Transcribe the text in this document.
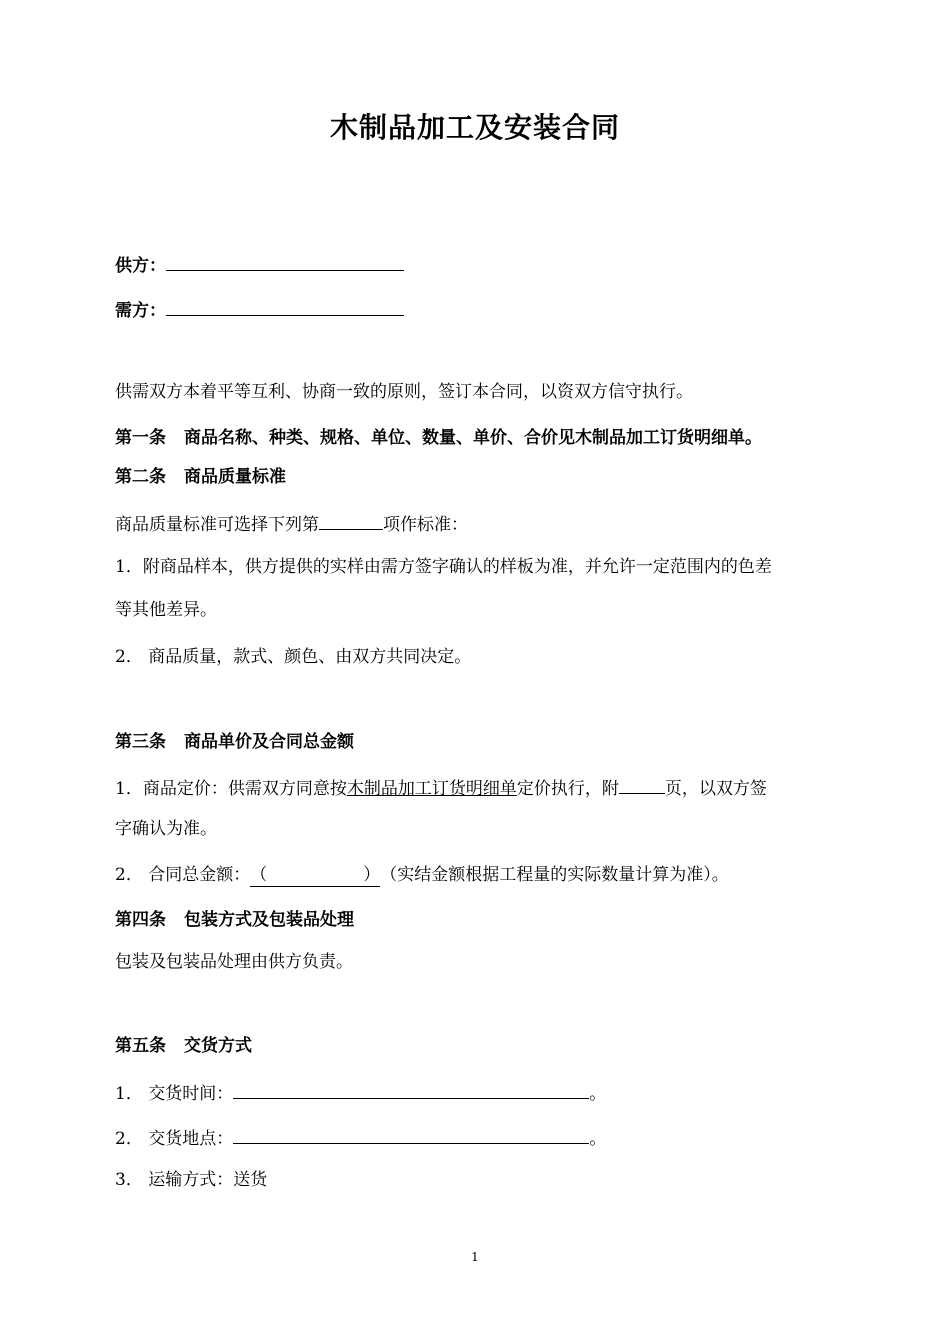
木制品加工及安装合同
供方：
需方：
供需双方本着平等互利、协商一致的原则，签订本合同，以资双方信守执行。
第一条 商品名称、种类、规格、单位、数量、单价、合价见木制品加工订货明细单。
第二条 商品质量标准
商品质量标准可选择下列第	项作标准：
1．附商品样本，供方提供的实样由需方签字确认的样板为准，并允许一定范围内的色差
等其他差异。
2． 商品质量，款式、颜色、由双方共同决定。
第三条 商品单价及合同总金额
1．商品定价：供需双方同意按木制品加工订货明细单定价执行，附	页，以双方签
字确认为准。
2． 合同总金额：（	）（实结金额根据工程量的实际数量计算为准）。
第四条 包装方式及包装品处理
包装及包装品处理由供方负责。
第五条 交货方式
1． 交货时间：	。
2． 交货地点：	。
3． 运输方式：送货
1
